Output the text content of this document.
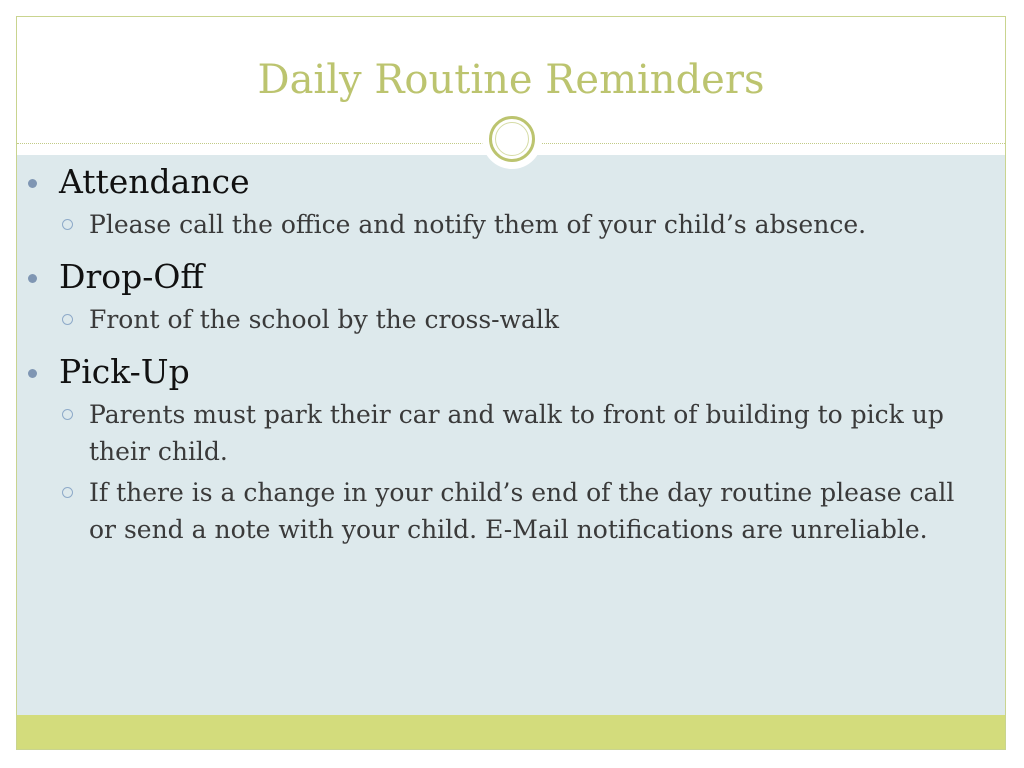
Daily Routine Reminders
Attendance
Please call the office and notify them of your child’s absence.
Drop-Off
Front of the school by the cross-walk
Pick-Up
Parents must park their car and walk to front of building to pick up their child.
If there is a change in your child’s end of the day routine please call or send a note with your child. E-Mail notifications are unreliable.
